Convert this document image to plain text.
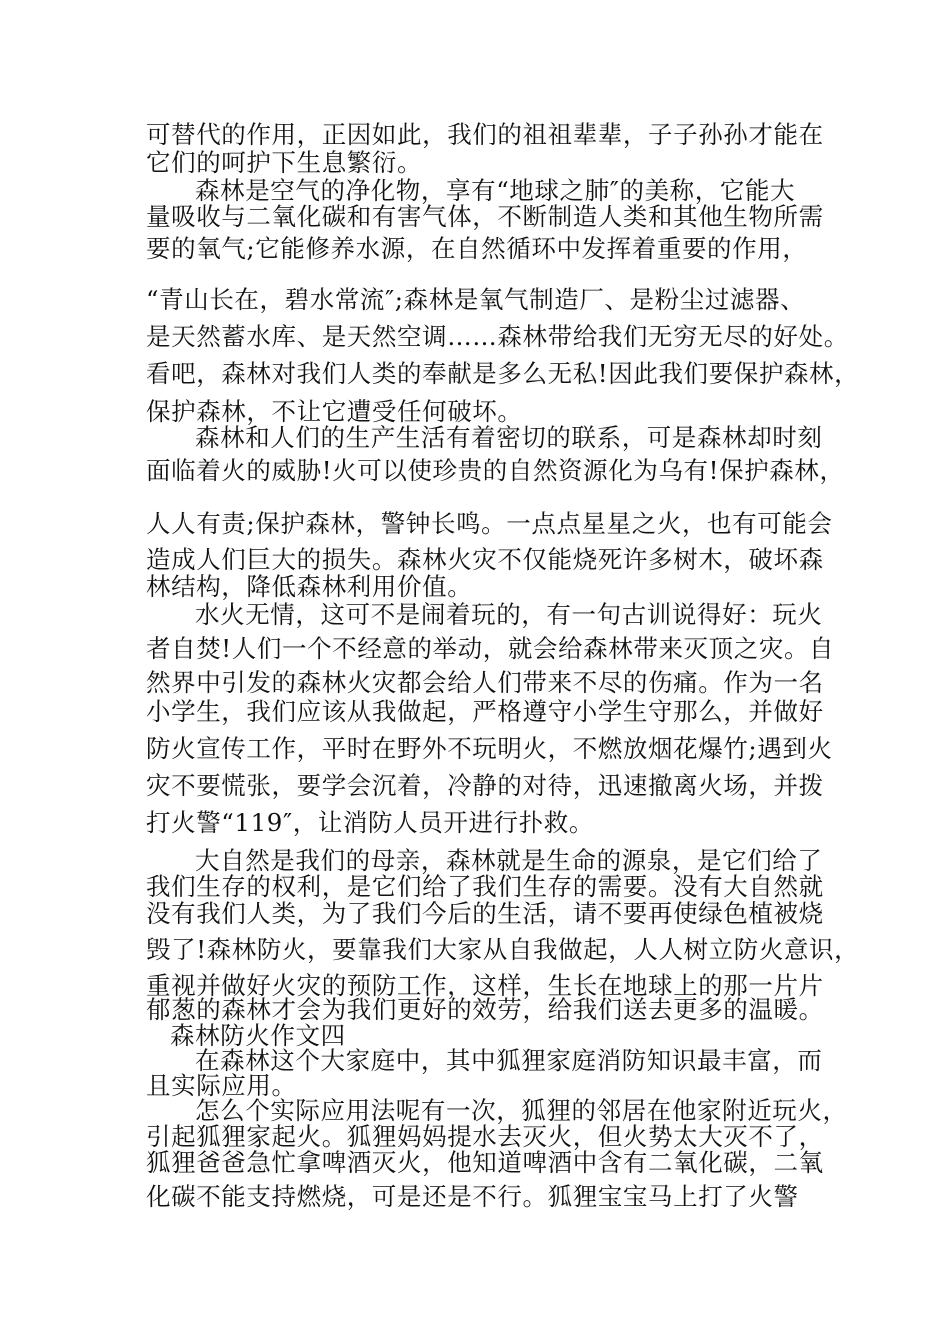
可替代的作用，正因如此，我们的祖祖辈辈，子子孙孙才能在
它们的呵护下生息繁衍。
森林是空气的净化物，享有“地球之肺″的美称，它能大
量吸收与二氧化碳和有害气体，不断制造人类和其他生物所需
要的氧气;它能修养水源，在自然循环中发挥着重要的作用，
“青山长在，碧水常流″;森林是氧气制造厂、是粉尘过滤器、
是天然蓄水库、是天然空调……森林带给我们无穷无尽的好处。
看吧，森林对我们人类的奉献是多么无私!因此我们要保护森林，
保护森林，不让它遭受任何破坏。
森林和人们的生产生活有着密切的联系，可是森林却时刻
面临着火的威胁!火可以使珍贵的自然资源化为乌有!保护森林，
人人有责;保护森林，警钟长鸣。一点点星星之火，也有可能会
造成人们巨大的损失。森林火灾不仅能烧死许多树木，破坏森
林结构，降低森林利用价值。
水火无情，这可不是闹着玩的，有一句古训说得好：玩火
者自焚!人们一个不经意的举动，就会给森林带来灭顶之灾。自
然界中引发的森林火灾都会给人们带来不尽的伤痛。作为一名
小学生，我们应该从我做起，严格遵守小学生守那么，并做好
防火宣传工作，平时在野外不玩明火，不燃放烟花爆竹;遇到火
灾不要慌张，要学会沉着，冷静的对待，迅速撤离火场，并拨
打火警“119″，让消防人员开进行扑救。
大自然是我们的母亲，森林就是生命的源泉，是它们给了
我们生存的权利，是它们给了我们生存的需要。没有大自然就
没有我们人类，为了我们今后的生活，请不要再使绿色植被烧
毁了!森林防火，要靠我们大家从自我做起，人人树立防火意识，
重视并做好火灾的预防工作，这样，生长在地球上的那一片片
郁葱的森林才会为我们更好的效劳，给我们送去更多的温暖。
森林防火作文四
在森林这个大家庭中，其中狐狸家庭消防知识最丰富，而
且实际应用。
怎么个实际应用法呢有一次，狐狸的邻居在他家附近玩火，
引起狐狸家起火。狐狸妈妈提水去灭火，但火势太大灭不了，
狐狸爸爸急忙拿啤酒灭火，他知道啤酒中含有二氧化碳，二氧
化碳不能支持燃烧，可是还是不行。狐狸宝宝马上打了火警
